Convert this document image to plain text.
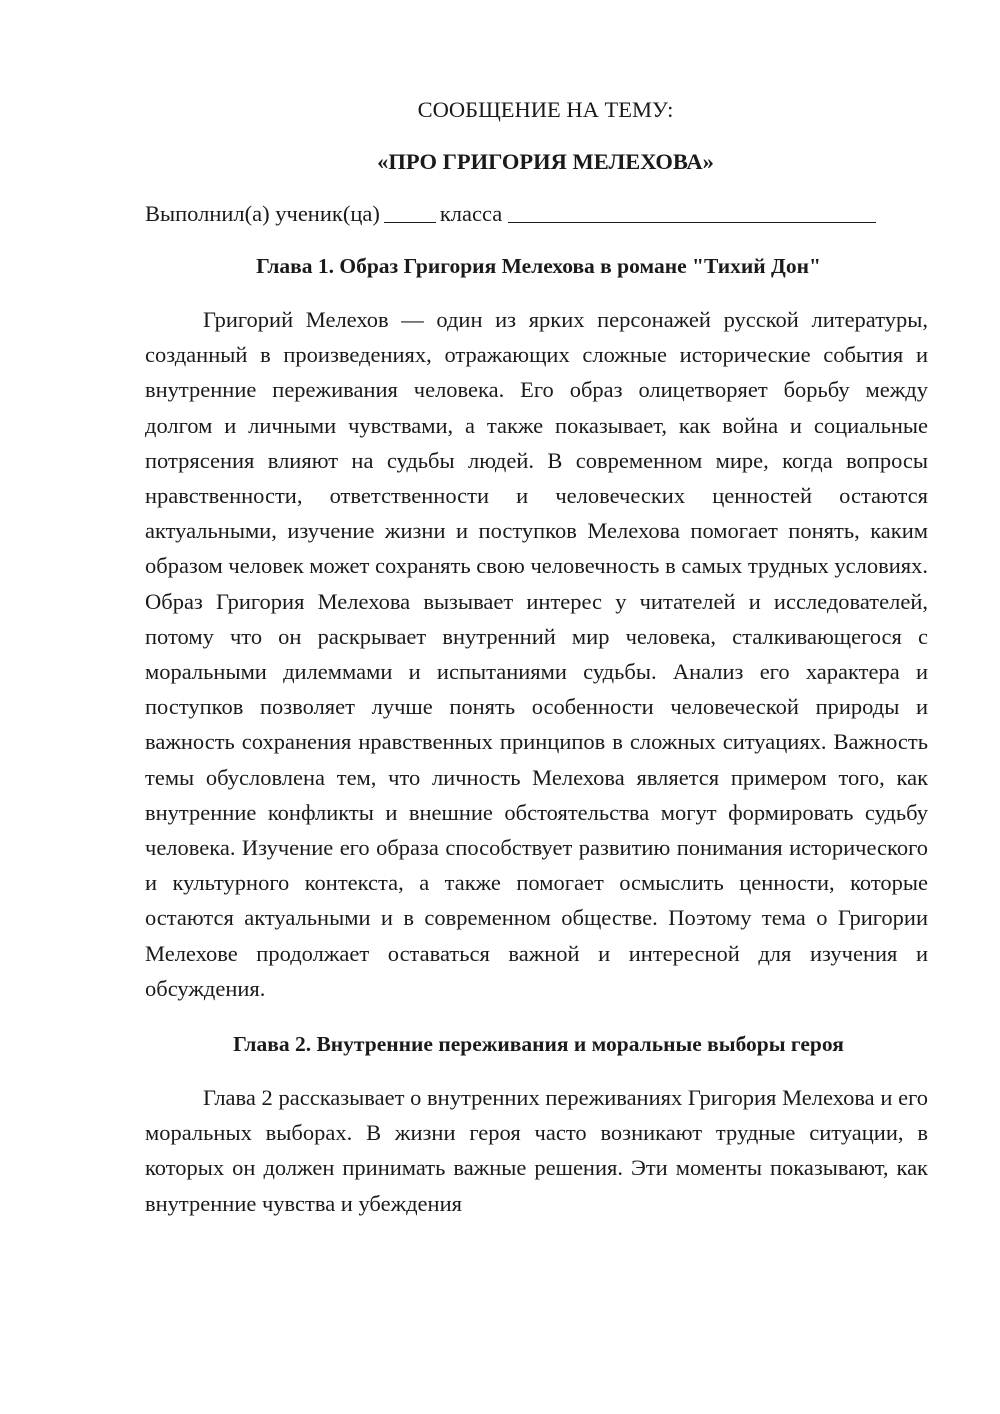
СООБЩЕНИЕ НА ТЕМУ:

«ПРО ГРИГОРИЯ МЕЛЕХОВА»

Выполнил(а) ученик(ца)	класса

Глава 1. Образ Григория Мелехова в романе "Тихий Дон"

Григорий Мелехов — один из ярких персонажей русской литературы, созданный в произведениях, отражающих сложные исторические события и внутренние переживания человека. Его образ олицетворяет борьбу между долгом и личными чувствами, а также показывает, как война и социальные потрясения влияют на судьбы людей. В современном мире, когда вопросы нравственности, ответственности и человеческих ценностей остаются актуальными, изучение жизни и поступков Мелехова помогает понять, каким образом человек может сохранять свою человечность в самых трудных условиях. Образ Григория Мелехова вызывает интерес у читателей и исследователей, потому что он раскрывает внутренний мир человека, сталкивающегося с моральными дилеммами и испытаниями судьбы. Анализ его характера и поступков позволяет лучше понять особенности человеческой природы и важность сохранения нравственных принципов в сложных ситуациях. Важность темы обусловлена тем, что личность Мелехова является примером того, как внутренние конфликты и внешние обстоятельства могут формировать судьбу человека. Изучение его образа способствует развитию понимания исторического и культурного контекста, а также помогает осмыслить ценности, которые остаются актуальными и в современном обществе. Поэтому тема о Григории Мелехове продолжает оставаться важной и интересной для изучения и обсуждения.

Глава 2. Внутренние переживания и моральные выборы героя

Глава 2 рассказывает о внутренних переживаниях Григория Мелехова и его моральных выборах. В жизни героя часто возникают трудные ситуации, в которых он должен принимать важные решения. Эти моменты показывают, как внутренние чувства и убеждения
